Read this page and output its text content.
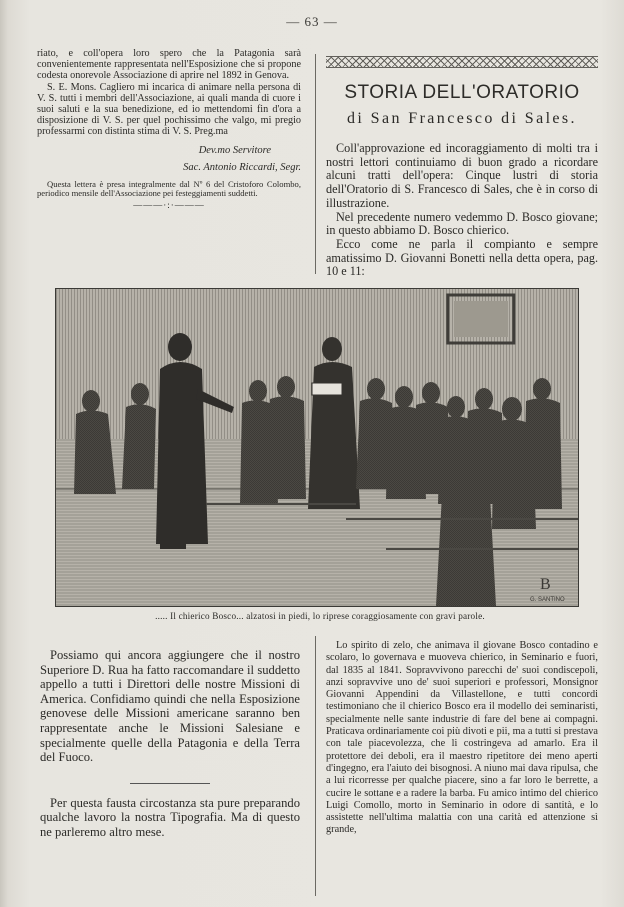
— 63 —

riato, e coll'opera loro spero che la Patagonia sarà convenientemente rappresentata nell'Esposizione che si propone codesta onorevole Associazione di aprire nel 1892 in Genova.

S. E. Mons. Cagliero mi incarica di animare nella persona di V. S. tutti i membri dell'Associazione, ai quali manda di cuore i suoi saluti e la sua benedizione, ed io mettendomi fin d'ora a disposizione di V. S. per quel pochissimo che valgo, mi pregio professarmi con distinta stima di V. S. Preg.ma

Dev.mo Servitore

Sac. Antonio Riccardi, Segr.

Questa lettera è presa integralmente dal Nº 6 del Cristoforo Colombo, periodico mensile dell'Associazione pei festeggiamenti suddetti.

———·:·———

STORIA DELL'ORATORIO
di San Francesco di Sales.

Coll'approvazione ed incoraggiamento di molti tra i nostri lettori continuiamo di buon grado a ricordare alcuni tratti dell'opera: Cinque lustri di storia dell'Oratorio di S. Francesco di Sales, che è in corso di illustrazione.

Nel precedente numero vedemmo D. Bosco giovane; in questo abbiamo D. Bosco chierico.

Ecco come ne parla il compianto e sempre amatissimo D. Giovanni Bonetti nella detta opera, pag. 10 e 11:

B
G. SANTINO
..... Il chierico Bosco... alzatosi in piedi, lo riprese coraggiosamente con gravi parole.

Possiamo qui ancora aggiungere che il nostro Superiore D. Rua ha fatto raccomandare il suddetto appello a tutti i Direttori delle nostre Missioni di America. Confidiamo quindi che nella Esposizione genovese delle Missioni americane saranno ben rappresentate anche le Missioni Salesiane e specialmente quelle della Patagonia e della Terra del Fuoco.

Per questa fausta circostanza sta pure preparando qualche lavoro la nostra Tipografia. Ma di questo ne parleremo altro mese.

Lo spirito di zelo, che animava il giovane Bosco contadino e scolaro, lo governava e muoveva chierico, in Seminario e fuori, dal 1835 al 1841. Sopravvivono parecchi de' suoi condiscepoli, anzi sopravvive uno de' suoi superiori e professori, Monsignor Giovanni Appendini da Villastellone, e tutti concordi testimoniano che il chierico Bosco era il modello dei seminaristi, specialmente nelle sante industrie di fare del bene ai compagni. Praticava ordinariamente coi più divoti e pii, ma a tutti si prestava con tale piacevolezza, che li costringeva ad amarlo. Era il protettore dei deboli, era il maestro ripetitore dei meno aperti d'ingegno, era l'aiuto dei bisognosi. A niuno mai dava ripulsa, che a lui ricorresse per qualche piacere, sino a far loro le berrette, a cucire le sottane e a radere la barba. Fu amico intimo del chierico Luigi Comollo, morto in Seminario in odore di santità, e lo assistette nell'ultima malattia con una carità ed attenzione sì grande,
